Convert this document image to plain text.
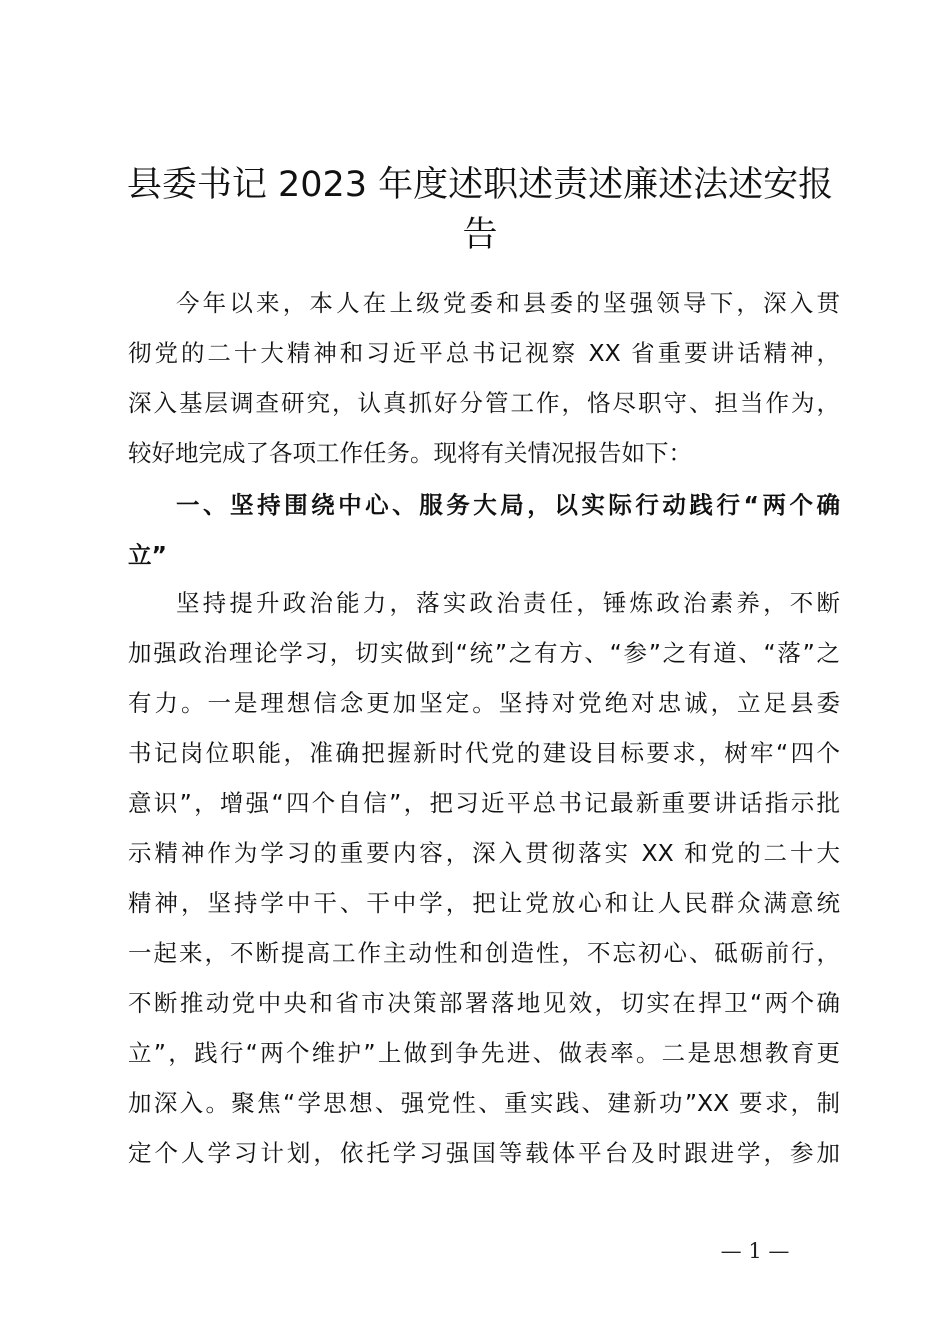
县委书记 2023 年度述职述责述廉述法述安报
告
今年以来，本人在上级党委和县委的坚强领导下，深入贯
彻党的二十大精神和习近平总书记视察 XX 省重要讲话精神，
深入基层调查研究，认真抓好分管工作，恪尽职守、担当作为，
较好地完成了各项工作任务。现将有关情况报告如下：
一、坚持围绕中心、服务大局，以实际行动践行“两个确
立”
坚持提升政治能力，落实政治责任，锤炼政治素养，不断
加强政治理论学习，切实做到“统”之有方、“参”之有道、“落”之
有力。一是理想信念更加坚定。坚持对党绝对忠诚，立足县委
书记岗位职能，准确把握新时代党的建设目标要求，树牢“四个
意识”，增强“四个自信”，把习近平总书记最新重要讲话指示批
示精神作为学习的重要内容，深入贯彻落实 XX 和党的二十大
精神，坚持学中干、干中学，把让党放心和让人民群众满意统
一起来，不断提高工作主动性和创造性，不忘初心、砥砺前行，
不断推动党中央和省市决策部署落地见效，切实在捍卫“两个确
立”，践行“两个维护”上做到争先进、做表率。二是思想教育更
加深入。聚焦“学思想、强党性、重实践、建新功”XX 要求，制
定个人学习计划，依托学习强国等载体平台及时跟进学，参加
— 1 —
